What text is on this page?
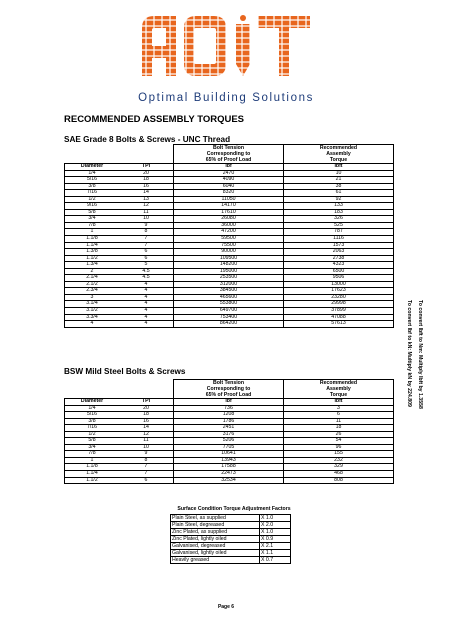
Optimal Building Solutions
RECOMMENDED ASSEMBLY TORQUES
SAE Grade 8 Bolts & Screws - UNC Thread
		Bolt Tension	Recommended
		Corresponding to	Assembly
		65% of Proof Load	Torque
Diameter	TPI	lbf	lbft
1/4	20	2470	10
5/16	18	4090	21
3/8	16	6040	38
7/16	14	8320	61
1/2	13	11050	92
9/16	12	14170	133
5/8	11	17610	183
3/4	10	26080	326
7/8	9	36000	525
1	8	47200	787
1.1/8	7	59500	1116
1.1/4	7	75500	1573
1.3/8	6	90000	2063
1.1/2	6	109500	2738
1.3/4	5	148200	4323
2	4.5	195000	6500
2.1/4	4.5	253500	9506
2.1/2	4	312000	13000
2.3/4	4	384500	17623
3	4	465600	23280
3.1/4	4	553800	29998
3.1/2	4	649700	37899
3.3/4	4	753400	47088
4	4	864200	57613
BSW Mild Steel Bolts & Screws
		Bolt Tension	Recommended
		Corresponding to	Assembly
		65% of Proof Load	Torque
Diameter	TPI	lbf	lbft
1/4	20	736	3
5/16	18	1208	6
3/8	16	1786	11
7/16	14	2451	18
1/2	12	3176	26
5/8	11	5206	54
3/4	10	7705	96
7/8	9	10641	155
1	8	13943	232
1.1/8	7	17588	329
1.1/4	7	22473	468
1.1/2	6	32534	808
Surface Condition Torque Adjustment Factors
Plain Steel, as supplied	X 1.0
Plain Steel, degreased	X 2.0
Zinc Plated, as supplied	X 1.0
Zinc Plated, lightly oiled	X 0.9
Galvanised, degreased	X 2.1
Galvanised, lightly oiled	X 1.1
Heavily greased	X 0.7
To convert lbf to kN: Multiply kN by 224.809 To convert lbft to Nm: Multiply lbft by 1.3558
Page 6
